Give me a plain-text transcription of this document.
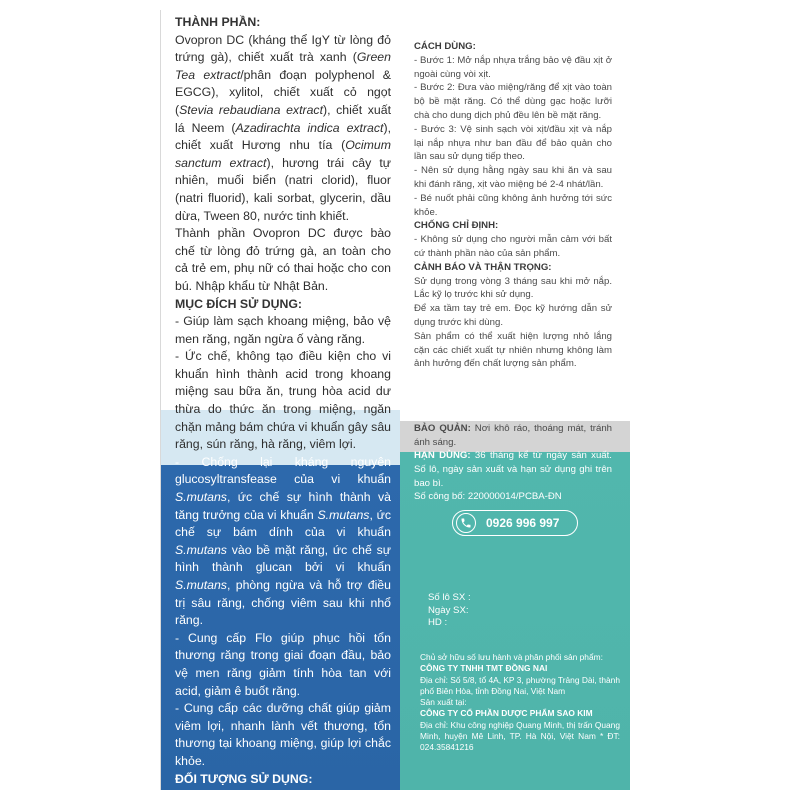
THÀNH PHẦN:

Ovopron DC (kháng thể IgY từ lòng đỏ trứng gà), chiết xuất trà xanh (Green Tea extract/phân đoạn polyphenol & EGCG), xylitol, chiết xuất cỏ ngọt (Stevia rebaudiana extract), chiết xuất lá Neem (Azadirachta indica extract), chiết xuất Hương nhu tía (Ocimum sanctum extract), hương trái cây tự nhiên, muối biển (natri clorid), fluor (natri fluorid), kali sorbat, glycerin, dầu dừa, Tween 80, nước tinh khiết.

Thành phần Ovopron DC được bào chế từ lòng đỏ trứng gà, an toàn cho cả trẻ em, phụ nữ có thai hoặc cho con bú. Nhập khẩu từ Nhật Bản.

MỤC ĐÍCH SỬ DỤNG:

- Giúp làm sạch khoang miệng, bảo vệ men răng, ngăn ngừa ố vàng răng.

- Ức chế, không tạo điều kiện cho vi khuẩn hình thành acid trong khoang miệng sau bữa ăn, trung hòa acid dư thừa do thức ăn trong miệng, ngăn chặn mảng bám chứa vi khuẩn gây sâu răng, sún răng, hà răng, viêm lợi.

- Chống lại kháng nguyên glucosyltransfease của vi khuẩn S.mutans, ức chế sự hình thành và tăng trưởng của vi khuẩn S.mutans, ức chế sự bám dính của vi khuẩn S.mutans vào bề mặt răng, ức chế sự hình thành glucan bởi vi khuẩn S.mutans, phòng ngừa và hỗ trợ điều trị sâu răng, chống viêm sau khi nhổ răng.

- Cung cấp Flo giúp phục hồi tổn thương răng trong giai đoạn đầu, bảo vệ men răng giảm tính hòa tan với acid, giảm ê buốt răng.

- Cung cấp các dưỡng chất giúp giảm viêm lợi, nhanh lành vết thương, tổn thương tại khoang miệng, giúp lợi chắc khỏe.

ĐỐI TƯỢNG SỬ DỤNG:

- Trẻ em từ 12 tháng tuổi trở lên.

CÁCH DÙNG:

- Bước 1: Mở nắp nhựa trắng bảo vệ đầu xịt ở ngoài cùng vòi xịt.

- Bước 2: Đưa vào miệng/răng để xịt vào toàn bộ bề mặt răng. Có thể dùng gạc hoặc lưỡi chà cho dung dịch phủ đều lên bề mặt răng.

- Bước 3: Vệ sinh sạch vòi xịt/đầu xịt và nắp lại nắp nhựa như ban đầu để bảo quản cho lần sau sử dụng tiếp theo.

- Nên sử dụng hằng ngày sau khi ăn và sau khi đánh răng, xịt vào miệng bé 2-4 nhát/lần.

- Bé nuốt phải cũng không ảnh hưởng tới sức khỏe.

CHỐNG CHỈ ĐỊNH:

- Không sử dụng cho người mẫn cảm với bất cứ thành phần nào của sản phẩm.

CẢNH BÁO VÀ THẬN TRỌNG:

Sử dụng trong vòng 3 tháng sau khi mở nắp. Lắc kỹ lọ trước khi sử dụng.

Để xa tầm tay trẻ em. Đọc kỹ hướng dẫn sử dụng trước khi dùng.

Sản phẩm có thể xuất hiện lượng nhỏ lắng cặn các chiết xuất tự nhiên nhưng không làm ảnh hưởng đến chất lượng sản phẩm.

BẢO QUẢN: Nơi khô ráo, thoáng mát, tránh ánh sáng.

HẠN DÙNG: 36 tháng kể từ ngày sản xuất. Số lô, ngày sản xuất và hạn sử dụng ghi trên bao bì.

Số công bố: 220000014/PCBA-ĐN

0926 996 997
Số lô SX :
Ngày SX:
HD :

Chủ sở hữu số lưu hành và phân phối sản phẩm:

CÔNG TY TNHH TMT ĐỒNG NAI

Địa chỉ: Số 5/8, tổ 4A, KP 3, phường Trảng Dài, thành phố Biên Hòa, tỉnh Đồng Nai, Việt Nam

Sản xuất tại:

CÔNG TY CỔ PHẦN DƯỢC PHẨM SAO KIM

Địa chỉ: Khu công nghiệp Quang Minh, thị trấn Quang Minh, huyện Mê Linh, TP. Hà Nội, Việt Nam * ĐT: 024.35841216
